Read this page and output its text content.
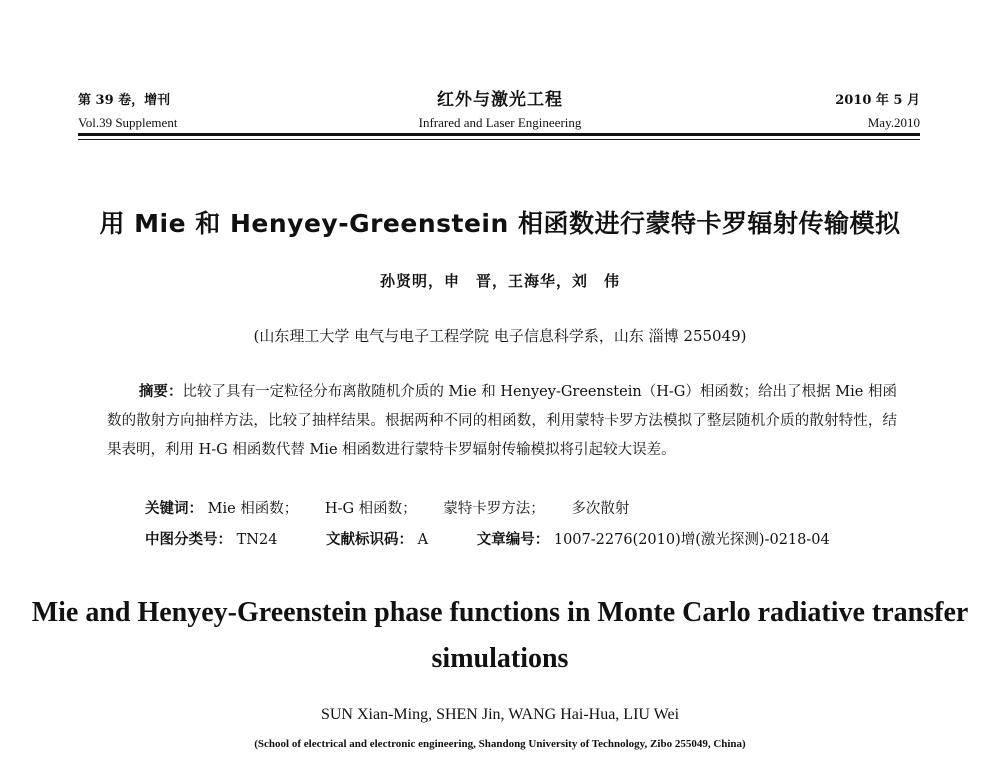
第 39 卷，增刊
Vol.39 Supplement
红外与激光工程
Infrared and Laser Engineering
2010 年 5 月
May.2010
用 Mie 和 Henyey-Greenstein 相函数进行蒙特卡罗辐射传输模拟
孙贤明，申　晋，王海华，刘　伟
(山东理工大学 电气与电子工程学院 电子信息科学系，山东 淄博 255049)

摘要：比较了具有一定粒径分布离散随机介质的 Mie 和 Henyey-Greenstein（H-G）相函数；给出了根据 Mie 相函数的散射方向抽样方法，比较了抽样结果。根据两种不同的相函数，利用蒙特卡罗方法模拟了整层随机介质的散射特性，结果表明，利用 H-G 相函数代替 Mie 相函数进行蒙特卡罗辐射传输模拟将引起较大误差。

关键词： Mie 相函数； H-G 相函数； 蒙特卡罗方法； 多次散射
中图分类号： TN24	文献标识码： A	文章编号： 1007-2276(2010)增(激光探测)-0218-04
Mie and Henyey-Greenstein phase functions in Monte Carlo radiative transfer simulations
SUN Xian-Ming, SHEN Jin, WANG Hai-Hua, LIU Wei
(School of electrical and electronic engineering, Shandong University of Technology, Zibo 255049, China)
